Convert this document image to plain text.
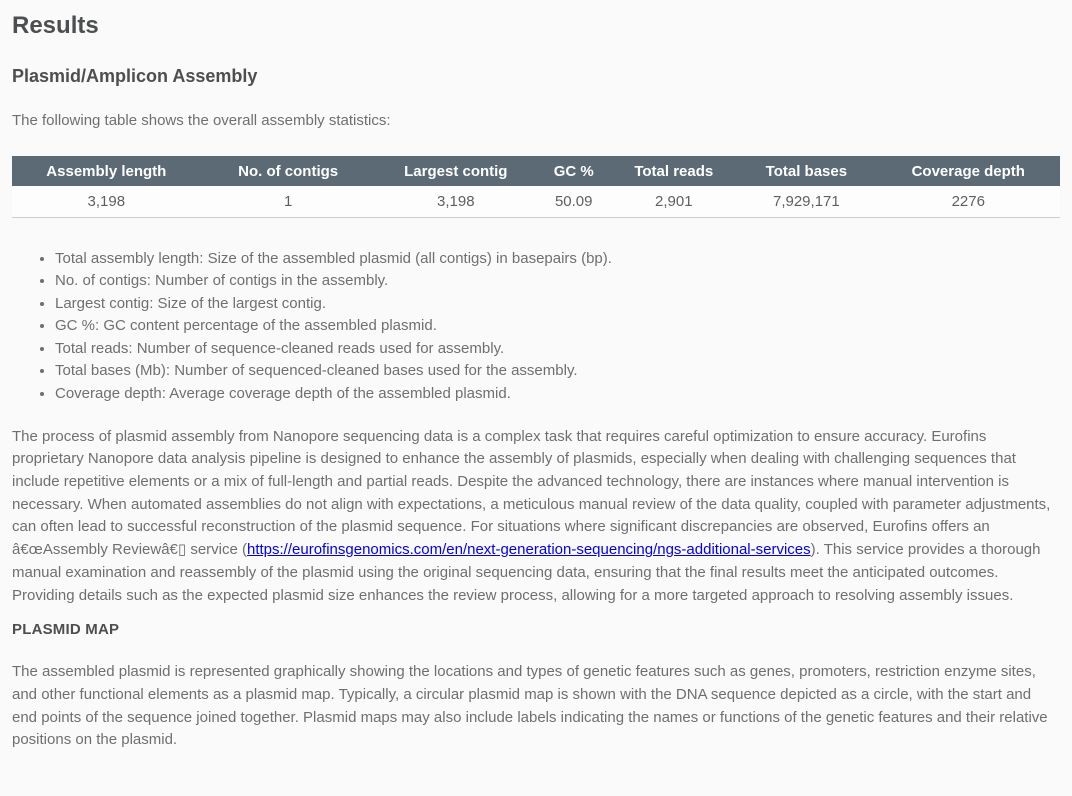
Results
Plasmid/Amplicon Assembly

The following table shows the overall assembly statistics:

Assembly length	No. of contigs	Largest contig	GC %	Total reads	Total bases	Coverage depth
3,198	1	3,198	50.09	2,901	7,929,171	2276
• Total assembly length: Size of the assembled plasmid (all contigs) in basepairs (bp).
• No. of contigs: Number of contigs in the assembly.
• Largest contig: Size of the largest contig.
• GC %: GC content percentage of the assembled plasmid.
• Total reads: Number of sequence-cleaned reads used for assembly.
• Total bases (Mb): Number of sequenced-cleaned bases used for the assembly.
• Coverage depth: Average coverage depth of the assembled plasmid.

The process of plasmid assembly from Nanopore sequencing data is a complex task that requires careful optimization to ensure accuracy. Eurofins proprietary Nanopore data analysis pipeline is designed to enhance the assembly of plasmids, especially when dealing with challenging sequences that include repetitive elements or a mix of full-length and partial reads. Despite the advanced technology, there are instances where manual intervention is necessary. When automated assemblies do not align with expectations, a meticulous manual review of the data quality, coupled with parameter adjustments, can often lead to successful reconstruction of the plasmid sequence. For situations where significant discrepancies are observed, Eurofins offers an â€œAssembly Reviewâ€▯ service (https://eurofinsgenomics.com/en/next-generation-sequencing/ngs-additional-services). This service provides a thorough manual examination and reassembly of the plasmid using the original sequencing data, ensuring that the final results meet the anticipated outcomes. Providing details such as the expected plasmid size enhances the review process, allowing for a more targeted approach to resolving assembly issues.

PLASMID MAP

The assembled plasmid is represented graphically showing the locations and types of genetic features such as genes, promoters, restriction enzyme sites, and other functional elements as a plasmid map. Typically, a circular plasmid map is shown with the DNA sequence depicted as a circle, with the start and end points of the sequence joined together. Plasmid maps may also include labels indicating the names or functions of the genetic features and their relative positions on the plasmid.
